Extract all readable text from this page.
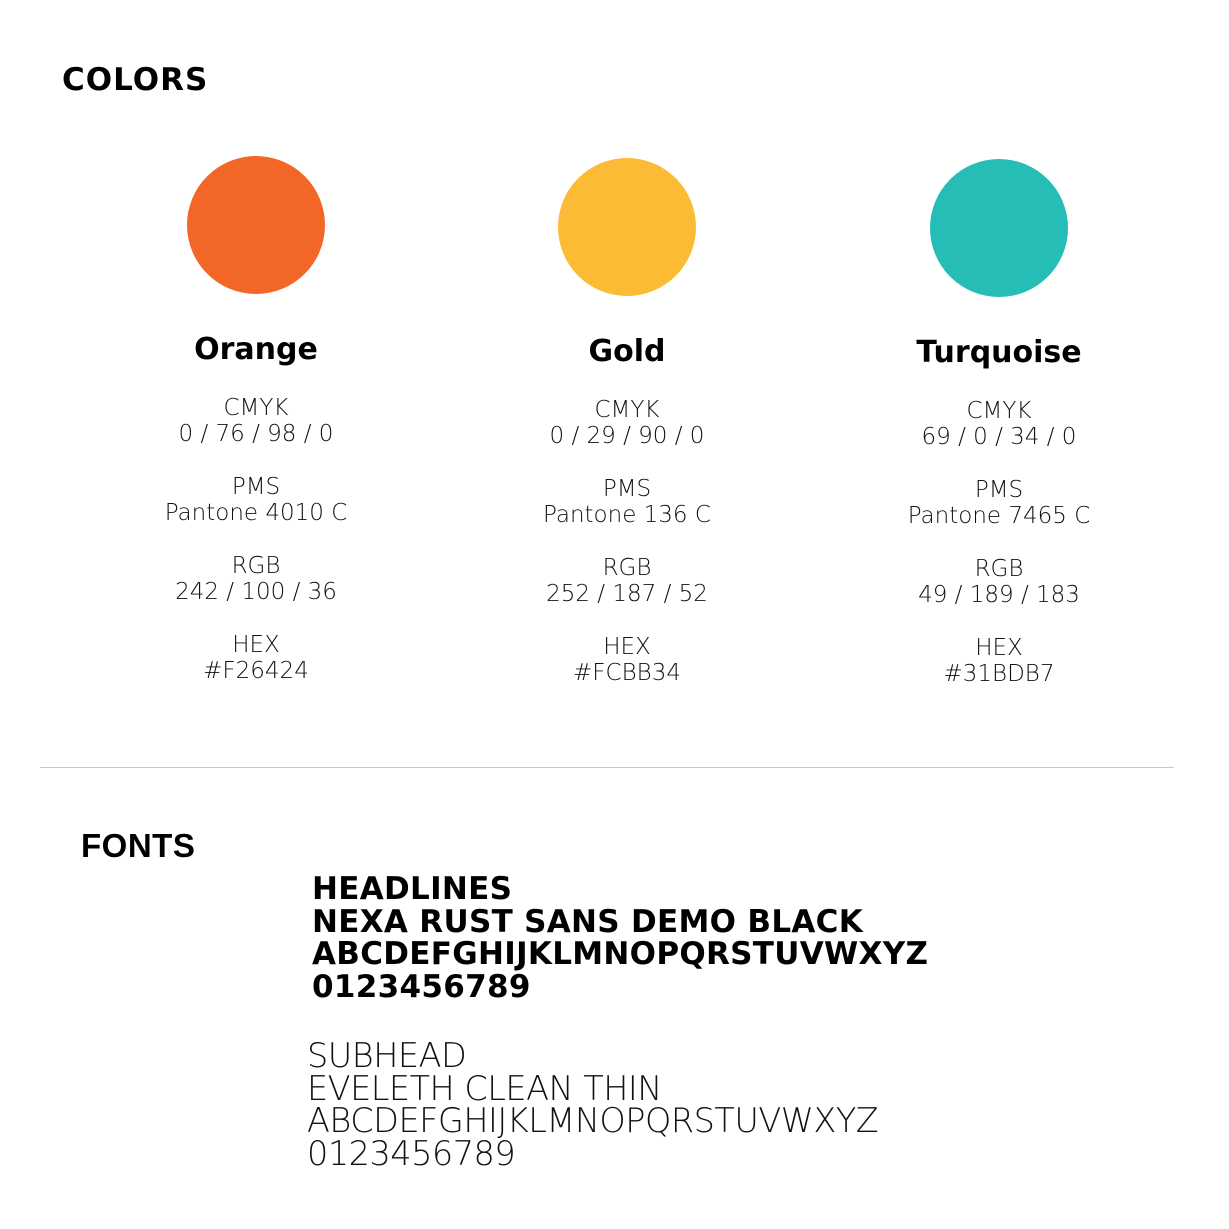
COLORS
Orange
CMYK
0 / 76 / 98 / 0
PMS
Pantone 4010 C
RGB
242 / 100 / 36
HEX
#F26424
Gold
CMYK
0 / 29 / 90 / 0
PMS
Pantone 136 C
RGB
252 / 187 / 52
HEX
#FCBB34
Turquoise
CMYK
69 / 0 / 34 / 0
PMS
Pantone 7465 C
RGB
49 / 189 / 183
HEX
#31BDB7
FONTS
HEADLINES
NEXA RUST SANS DEMO BLACK
ABCDEFGHIJKLMNOPQRSTUVWXYZ
0123456789
SUBHEAD
EVELETH CLEAN THIN
ABCDEFGHIJKLMNOPQRSTUVWXYZ
0123456789
